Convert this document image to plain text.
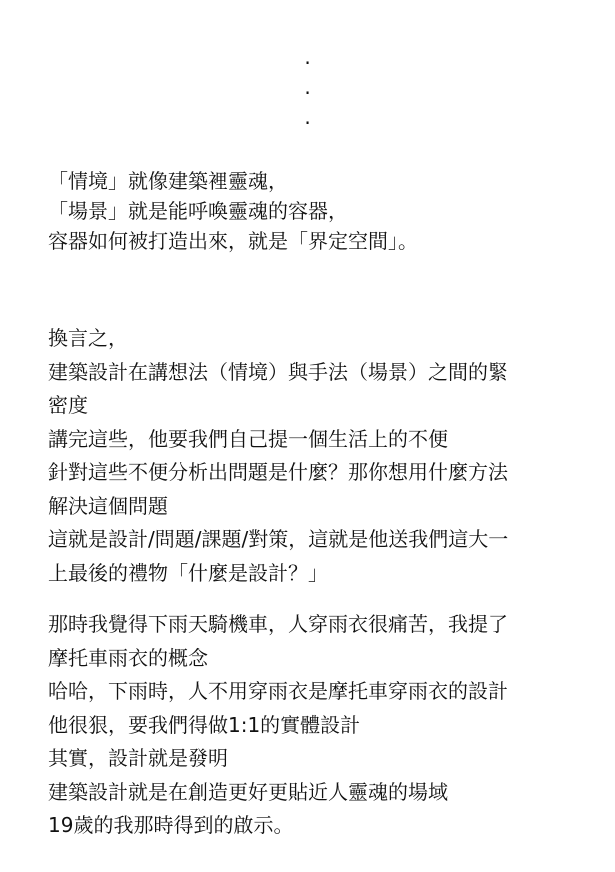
.
.
.
「情境」就像建築裡靈魂，
「場景」就是能呼喚靈魂的容器，
容器如何被打造出來，就是「界定空間」。
換言之，
建築設計在講想法（情境）與手法（場景）之間的緊
密度
講完這些，他要我們自己提一個生活上的不便
針對這些不便分析出問題是什麼？那你想用什麼方法
解決這個問題
這就是設計/問題/課題/對策，這就是他送我們這大一
上最後的禮物「什麼是設計？」
那時我覺得下雨天騎機車，人穿雨衣很痛苦，我提了
摩托車雨衣的概念
哈哈，下雨時，人不用穿雨衣是摩托車穿雨衣的設計
他很狠，要我們得做1:1的實體設計
其實，設計就是發明
建築設計就是在創造更好更貼近人靈魂的場域
19歲的我那時得到的啟示。
